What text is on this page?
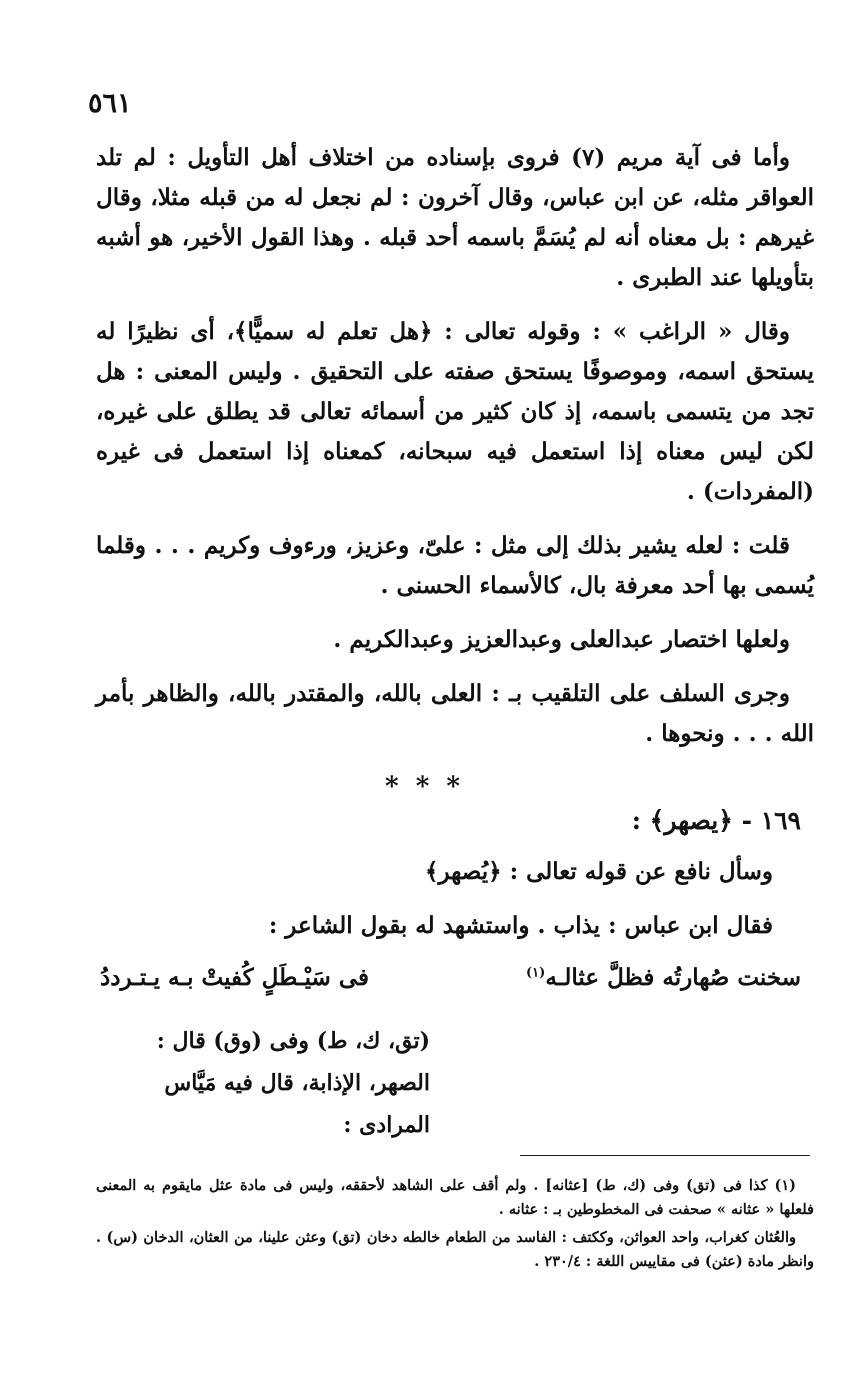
٥٦١

وأما فى آية مريم (٧) فروى بإسناده من اختلاف أهل التأويل : لم تلد العواقر مثله، عن ابن عباس، وقال آخرون : لم نجعل له من قبله مثلا، وقال غيرهم : بل معناه أنه لم يُسَمَّ باسمه أحد قبله . وهذا القول الأخير، هو أشبه بتأويلها عند الطبرى .

وقال « الراغب » : وقوله تعالى : ﴿هل تعلم له سميًّا﴾، أى نظيرًا له يستحق اسمه، وموصوفًا يستحق صفته على التحقيق . وليس المعنى : هل تجد من يتسمى باسمه، إذ كان كثير من أسمائه تعالى قد يطلق على غيره، لكن ليس معناه إذا استعمل فيه سبحانه، كمعناه إذا استعمل فى غيره (المفردات) .

قلت : لعله يشير بذلك إلى مثل : علىّ، وعزيز، ورءوف وكريم . . . وقلما يُسمى بها أحد معرفة بال، كالأسماء الحسنى .

ولعلها اختصار عبدالعلى وعبدالعزيز وعبدالكريم .

وجرى السلف على التلقيب بـ : العلى بالله، والمقتدر بالله، والظاهر بأمر الله . . . ونحوها .

* * *
١٦٩ - ﴿يصهر﴾ :
وسأل نافع عن قوله تعالى : ﴿يُصهر﴾
فقال ابن عباس : يذاب . واستشهد له بقول الشاعر :
سخنت صُهارتُه فظلَّ عثالـه$^{(١)}$
فى سَيْـطَلٍ كُفيتْ بـه يـتـرددُ
(تق، ك، ط) وفى (وق) قال :
الصهر، الإذابة، قال فيه مَيَّاس
المرادى :

(١) كذا فى (تق) وفى (ك، ط) [عثانه] . ولم أقف على الشاهد لأحققه، وليس فى مادة عثل مايقوم به المعنى فلعلها « عثانه » صحفت فى المخطوطين بـ : عثانه .

والعُثان كغراب، واحد العواثن، وككتف : الفاسد من الطعام خالطه دخان (تق) وعثن علينا، من العثان، الدخان (س) . وانظر مادة (عثن) فى مقاييس اللغة : ٢٣٠/٤ .
